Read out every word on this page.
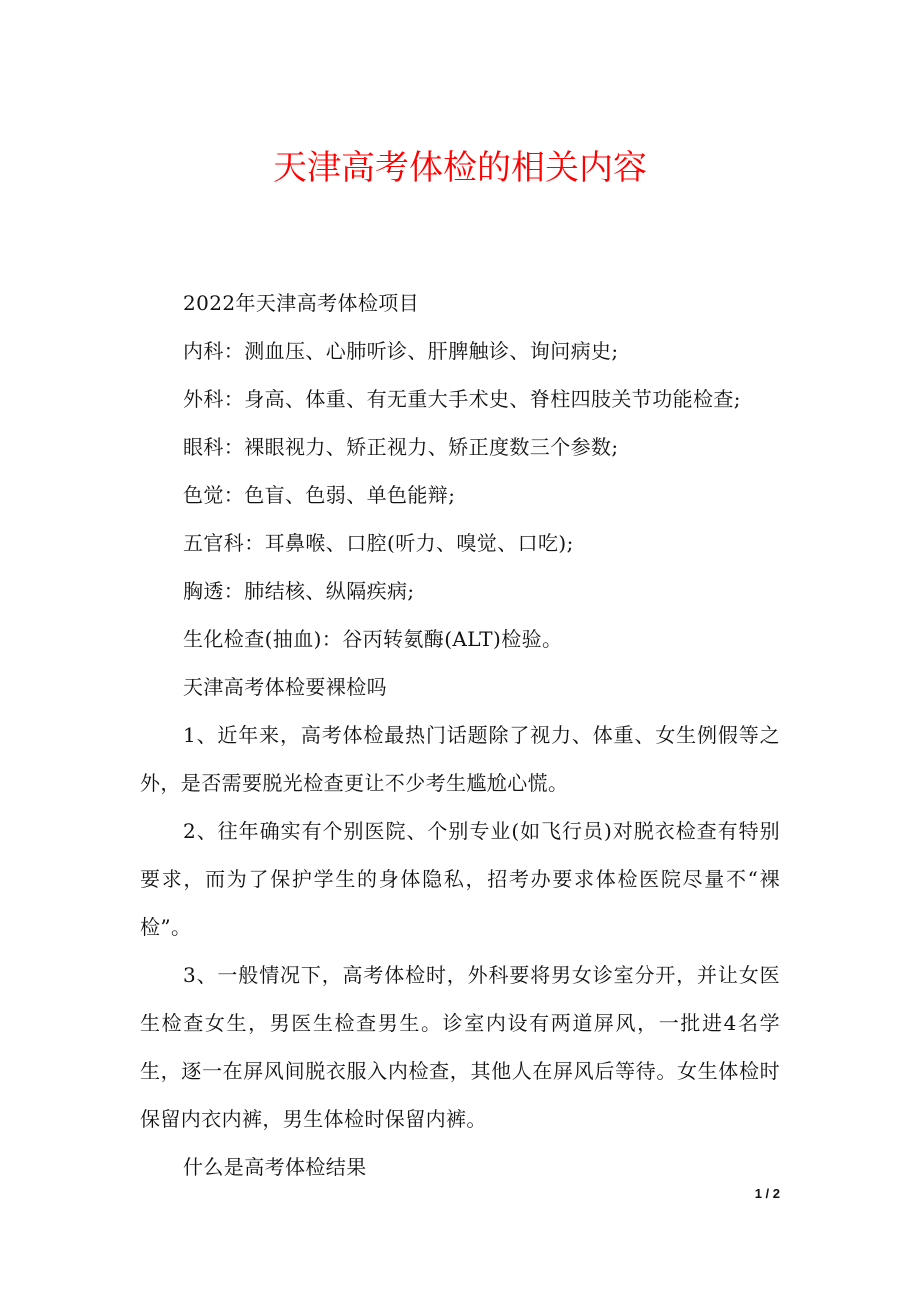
天津高考体检的相关内容

2022年天津高考体检项目

内科：测血压、心肺听诊、肝脾触诊、询问病史;

外科：身高、体重、有无重大手术史、脊柱四肢关节功能检查;

眼科：裸眼视力、矫正视力、矫正度数三个参数;

色觉：色盲、色弱、单色能辩;

五官科：耳鼻喉、口腔(听力、嗅觉、口吃);

胸透：肺结核、纵隔疾病;

生化检查(抽血)：谷丙转氨酶(ALT)检验。

天津高考体检要裸检吗

1、近年来，高考体检最热门话题除了视力、体重、女生例假等之外，是否需要脱光检查更让不少考生尴尬心慌。

2、往年确实有个别医院、个别专业(如飞行员)对脱衣检查有特别要求，而为了保护学生的身体隐私，招考办要求体检医院尽量不“裸检”。

3、一般情况下，高考体检时，外科要将男女诊室分开，并让女医生检查女生，男医生检查男生。诊室内设有两道屏风，一批进4名学生，逐一在屏风间脱衣服入内检查，其他人在屏风后等待。女生体检时保留内衣内裤，男生体检时保留内裤。

什么是高考体检结果

1 / 2
